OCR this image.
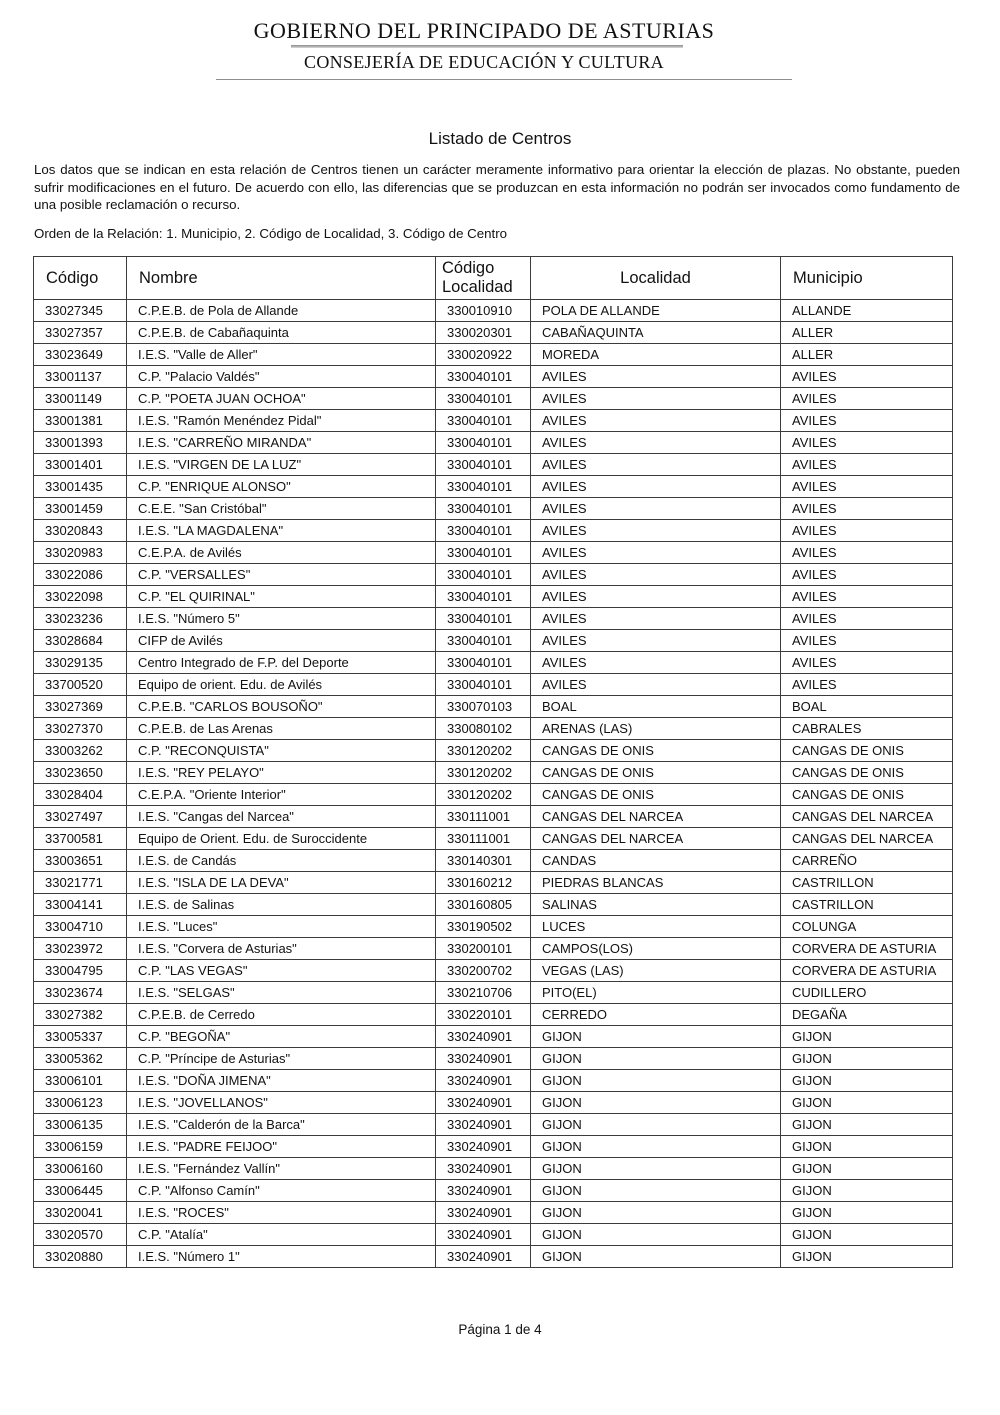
GOBIERNO DEL PRINCIPADO DE ASTURIAS
CONSEJERÍA DE EDUCACIÓN Y CULTURA
Listado de Centros
Los datos que se indican en esta relación de Centros tienen un carácter meramente informativo para orientar la elección de plazas. No obstante, pueden sufrir modificaciones en el futuro. De acuerdo con ello, las diferencias que se produzcan en esta información no podrán ser invocados como fundamento de una posible reclamación o recurso.
Orden de la Relación: 1. Municipio, 2. Código de Localidad, 3. Código de Centro
Código	Nombre	Código Localidad	Localidad	Municipio
33027345	C.P.E.B. de Pola de Allande	330010910	POLA DE ALLANDE	ALLANDE
33027357	C.P.E.B. de Cabañaquinta	330020301	CABAÑAQUINTA	ALLER
33023649	I.E.S. "Valle de Aller"	330020922	MOREDA	ALLER
33001137	C.P. "Palacio Valdés"	330040101	AVILES	AVILES
33001149	C.P. "POETA JUAN OCHOA"	330040101	AVILES	AVILES
33001381	I.E.S. "Ramón Menéndez Pidal"	330040101	AVILES	AVILES
33001393	I.E.S. "CARREÑO MIRANDA"	330040101	AVILES	AVILES
33001401	I.E.S. "VIRGEN DE LA LUZ"	330040101	AVILES	AVILES
33001435	C.P. "ENRIQUE ALONSO"	330040101	AVILES	AVILES
33001459	C.E.E. "San Cristóbal"	330040101	AVILES	AVILES
33020843	I.E.S. "LA MAGDALENA"	330040101	AVILES	AVILES
33020983	C.E.P.A. de Avilés	330040101	AVILES	AVILES
33022086	C.P. "VERSALLES"	330040101	AVILES	AVILES
33022098	C.P. "EL QUIRINAL"	330040101	AVILES	AVILES
33023236	I.E.S. "Número 5"	330040101	AVILES	AVILES
33028684	CIFP de Avilés	330040101	AVILES	AVILES
33029135	Centro Integrado de F.P. del Deporte	330040101	AVILES	AVILES
33700520	Equipo de orient. Edu. de Avilés	330040101	AVILES	AVILES
33027369	C.P.E.B. "CARLOS BOUSOÑO"	330070103	BOAL	BOAL
33027370	C.P.E.B. de Las Arenas	330080102	ARENAS (LAS)	CABRALES
33003262	C.P. "RECONQUISTA"	330120202	CANGAS DE ONIS	CANGAS DE ONIS
33023650	I.E.S. "REY PELAYO"	330120202	CANGAS DE ONIS	CANGAS DE ONIS
33028404	C.E.P.A. "Oriente Interior"	330120202	CANGAS DE ONIS	CANGAS DE ONIS
33027497	I.E.S. "Cangas del Narcea"	330111001	CANGAS DEL NARCEA	CANGAS DEL NARCEA
33700581	Equipo de Orient. Edu. de Suroccidente	330111001	CANGAS DEL NARCEA	CANGAS DEL NARCEA
33003651	I.E.S. de Candás	330140301	CANDAS	CARREÑO
33021771	I.E.S. "ISLA DE LA DEVA"	330160212	PIEDRAS BLANCAS	CASTRILLON
33004141	I.E.S. de Salinas	330160805	SALINAS	CASTRILLON
33004710	I.E.S. "Luces"	330190502	LUCES	COLUNGA
33023972	I.E.S. "Corvera de Asturias"	330200101	CAMPOS(LOS)	CORVERA DE ASTURIA
33004795	C.P. "LAS VEGAS"	330200702	VEGAS (LAS)	CORVERA DE ASTURIA
33023674	I.E.S. "SELGAS"	330210706	PITO(EL)	CUDILLERO
33027382	C.P.E.B. de Cerredo	330220101	CERREDO	DEGAÑA
33005337	C.P. "BEGOÑA"	330240901	GIJON	GIJON
33005362	C.P. "Príncipe de Asturias"	330240901	GIJON	GIJON
33006101	I.E.S. "DOÑA JIMENA"	330240901	GIJON	GIJON
33006123	I.E.S. "JOVELLANOS"	330240901	GIJON	GIJON
33006135	I.E.S. "Calderón de la Barca"	330240901	GIJON	GIJON
33006159	I.E.S. "PADRE FEIJOO"	330240901	GIJON	GIJON
33006160	I.E.S. "Fernández Vallín"	330240901	GIJON	GIJON
33006445	C.P. "Alfonso Camín"	330240901	GIJON	GIJON
33020041	I.E.S. "ROCES"	330240901	GIJON	GIJON
33020570	C.P. "Atalía"	330240901	GIJON	GIJON
33020880	I.E.S. "Número 1"	330240901	GIJON	GIJON
Página 1 de 4
